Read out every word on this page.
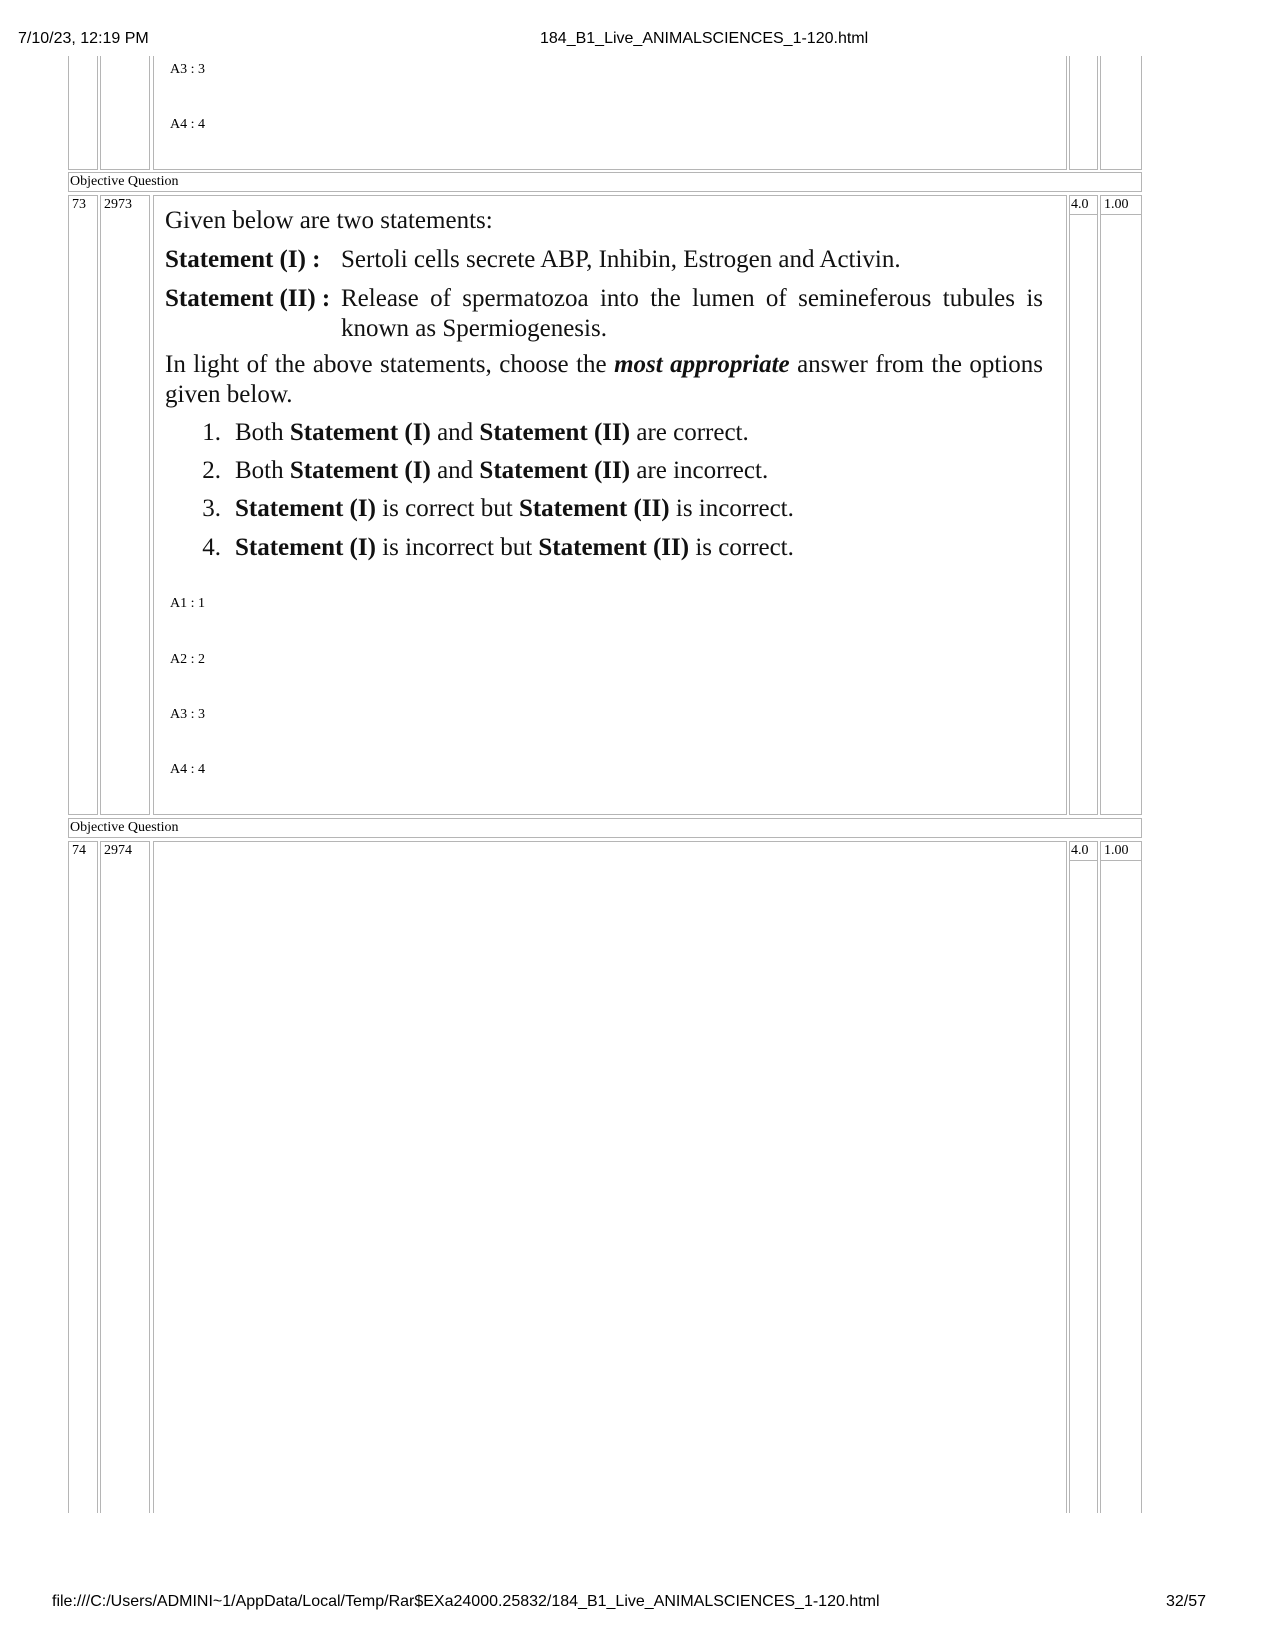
7/10/23, 12:19 PM	184_B1_Live_ANIMALSCIENCES_1-120.html
A3 : 3
A4 : 4
Objective Question
73 2973	4.0 1.00
Given below are two statements:
Statement (I) : Sertoli cells secrete ABP, Inhibin, Estrogen and Activin.
Statement (II) : Release of spermatozoa into the lumen of semineferous tubules is known as Spermiogenesis.
In light of the above statements, choose the most appropriate answer from the options given below.
1. Both Statement (I) and Statement (II) are correct.
2. Both Statement (I) and Statement (II) are incorrect.
3. Statement (I) is correct but Statement (II) is incorrect.
4. Statement (I) is incorrect but Statement (II) is correct.
A1 : 1
A2 : 2
A3 : 3
A4 : 4
Objective Question
74 2974	4.0 1.00
file:///C:/Users/ADMINI~1/AppData/Local/Temp/Rar$EXa24000.25832/184_B1_Live_ANIMALSCIENCES_1-120.html	32/57
